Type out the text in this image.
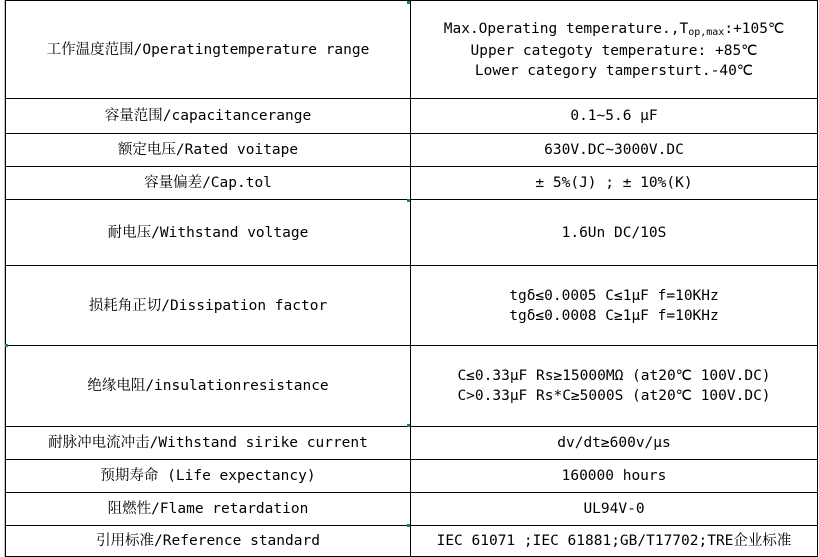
工作温度范围/Operatingtemperature range	Max.Operating temperature.,Top,max:+105℃
Upper categoty temperature: +85℃
Lower category tampersturt.-40℃

容量范围/capacitancerange	0.1~5.6 μF
额定电压/Rated voitape	630V.DC~3000V.DC
容量偏差/Cap.tol	± 5%(J) ; ± 10%(K)
耐电压/Withstand voltage	1.6Un DC/10S
损耗角正切/Dissipation factor	tgδ≤0.0005 C≤1μF f=10KHz
tgδ≤0.0008 C≥1μF f=10KHz

绝缘电阻/insulationresistance	C≤0.33μF Rs≥15000MΩ (at20℃ 100V.DC)
C>0.33μF Rs*C≥5000S (at20℃ 100V.DC)

耐脉冲电流冲击/Withstand sirike current	dv/dt≥600v/μs
预期寿命 (Life expectancy)	160000 hours
阻燃性/Flame retardation	UL94V-0
引用标准/Reference standard	IEC 61071 ;IEC 61881;GB/T17702;TRE企业标准
